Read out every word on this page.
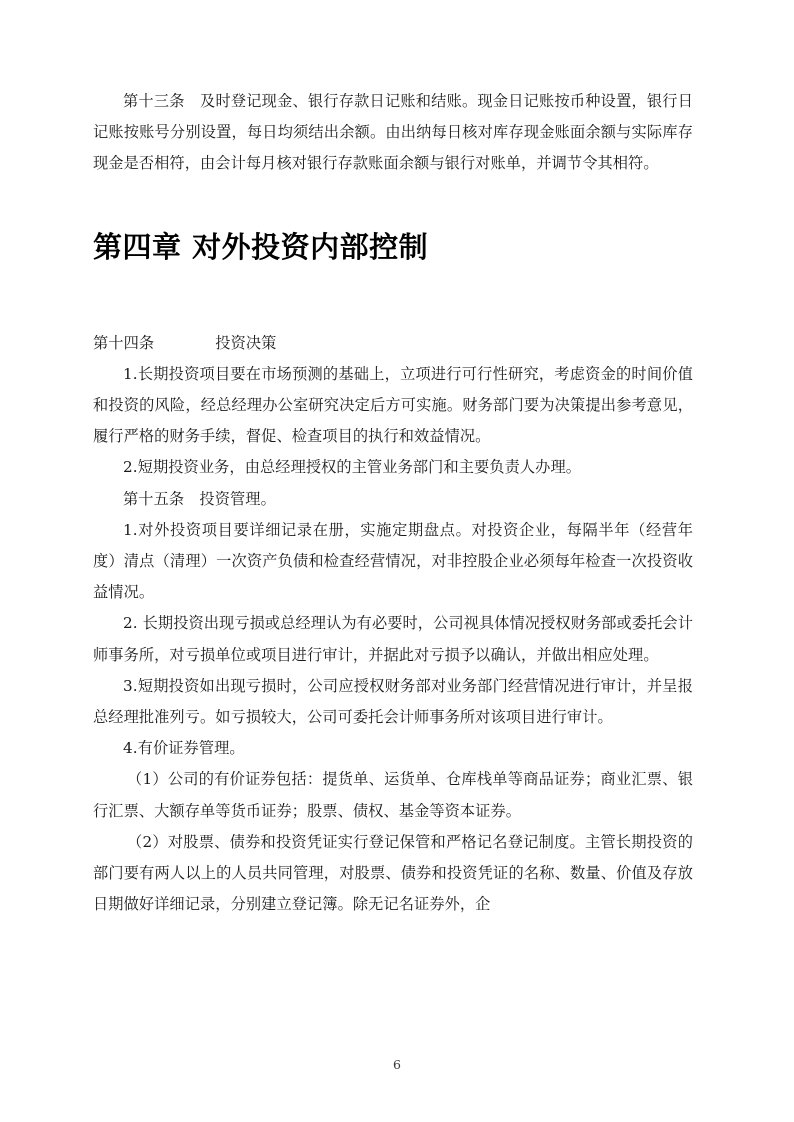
第十三条　及时登记现金、银行存款日记账和结账。现金日记账按币种设置，银行日记账按账号分别设置，每日均须结出余额。由出纳每日核对库存现金账面余额与实际库存现金是否相符，由会计每月核对银行存款账面余额与银行对账单，并调节令其相符。

第四章 对外投资内部控制

第十四条　　　　投资决策

1.长期投资项目要在市场预测的基础上，立项进行可行性研究，考虑资金的时间价值和投资的风险，经总经理办公室研究决定后方可实施。财务部门要为决策提出参考意见，履行严格的财务手续，督促、检查项目的执行和效益情况。

2.短期投资业务，由总经理授权的主管业务部门和主要负责人办理。

第十五条　投资管理。

1.对外投资项目要详细记录在册，实施定期盘点。对投资企业，每隔半年（经营年度）清点（清理）一次资产负债和检查经营情况，对非控股企业必须每年检查一次投资收益情况。

2. 长期投资出现亏损或总经理认为有必要时，公司视具体情况授权财务部或委托会计师事务所，对亏损单位或项目进行审计，并据此对亏损予以确认，并做出相应处理。

3.短期投资如出现亏损时，公司应授权财务部对业务部门经营情况进行审计，并呈报总经理批准列亏。如亏损较大，公司可委托会计师事务所对该项目进行审计。

4.有价证券管理。

（1）公司的有价证券包括：提货单、运货单、仓库栈单等商品证券；商业汇票、银行汇票、大额存单等货币证券；股票、债权、基金等资本证券。

（2）对股票、债券和投资凭证实行登记保管和严格记名登记制度。主管长期投资的部门要有两人以上的人员共同管理，对股票、债券和投资凭证的名称、数量、价值及存放日期做好详细记录，分别建立登记簿。除无记名证券外，企

6
